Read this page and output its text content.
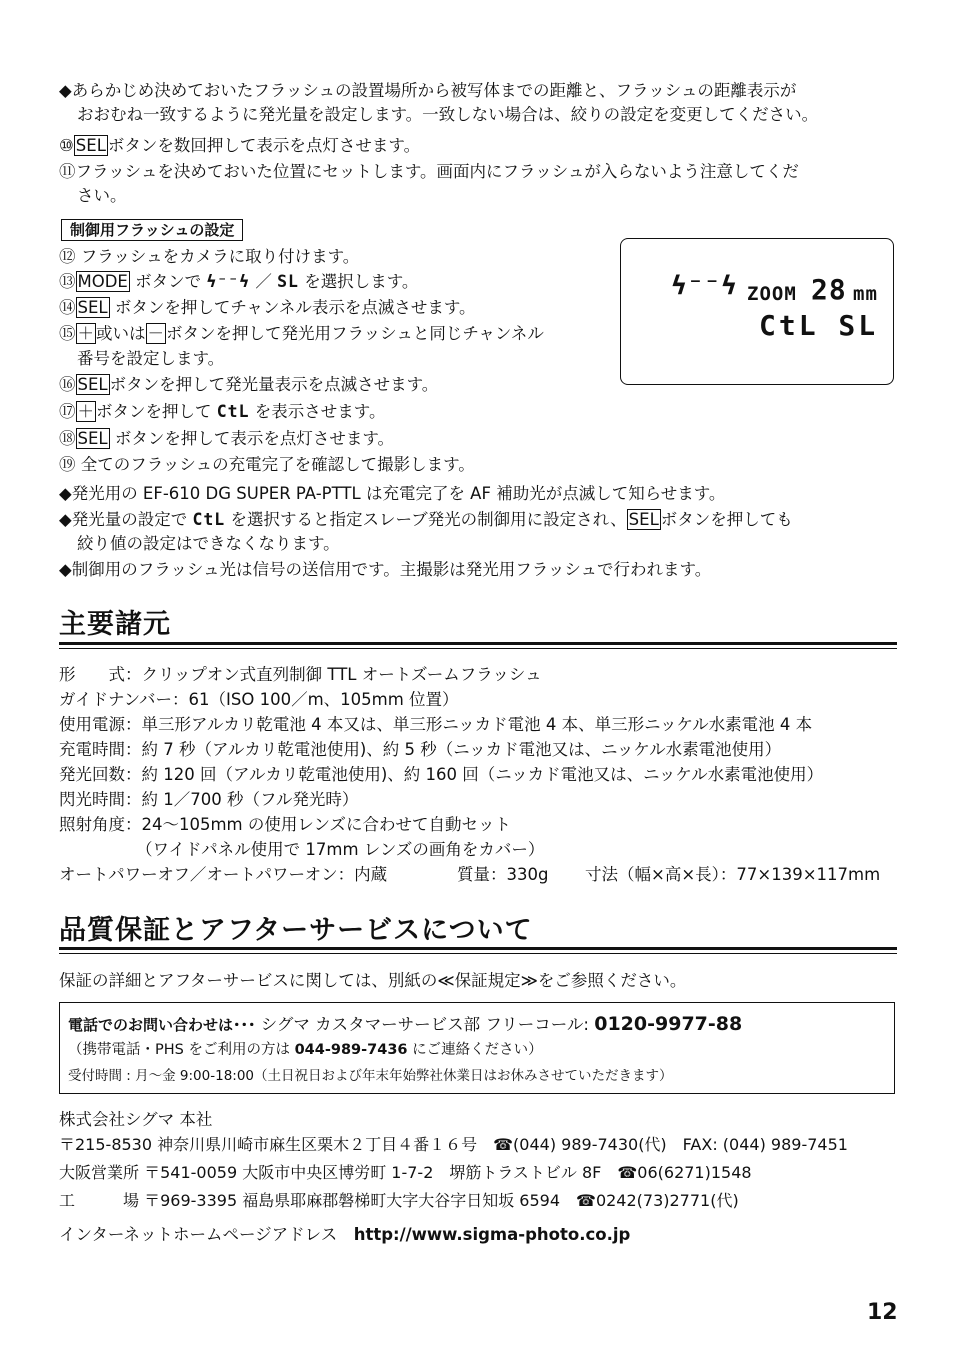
◆あらかじめ決めておいたフラッシュの設置場所から被写体までの距離と、フラッシュの距離表示が
おおむね一致するように発光量を設定します。一致しない場合は、絞りの設定を変更してください。
⑩ SEL ボタンを数回押して表示を点灯させます。
⑪フラッシュを決めておいた位置にセットします。画面内にフラッシュが入らないよう注意してくだ
さい。
制御用フラッシュの設定
⑫ フラッシュをカメラに取り付けます。
⑬ MODE ボタンで ϟ⁻⁻ϟ ／ SL を選択します。
⑭ SEL ボタンを押してチャンネル表示を点滅させます。
⑮ ＋ 或いは － ボタンを押して発光用フラッシュと同じチャンネル
番号を設定します。
⑯ SEL ボタンを押して発光量表示を点滅させます。
⑰ ＋ ボタンを押して CtL を表示させます。
⑱ SEL ボタンを押して表示を点灯させます。
⑲ 全てのフラッシュの充電完了を確認して撮影します。
ϟ⁻⁻ϟ ZOOM 28 mm
CtL SL
◆発光用の EF-610 DG SUPER PA-PTTL は充電完了を AF 補助光が点滅して知らせます。
◆発光量の設定で CtL を選択すると指定スレーブ発光の制御用に設定され、 SEL ボタンを押しても
絞り値の設定はできなくなります。
◆制御用のフラッシュ光は信号の送信用です。主撮影は発光用フラッシュで行われます。
主要諸元
形　　式：クリップオン式直列制御 TTL オートズームフラッシュ
ガイドナンバー：61（ISO 100／m、105mm 位置）
使用電源：単三形アルカリ乾電池 4 本又は、単三形ニッカド電池 4 本、単三形ニッケル水素電池 4 本
充電時間：約 7 秒（アルカリ乾電池使用)、約 5 秒（ニッカド電池又は、ニッケル水素電池使用）
発光回数：約 120 回（アルカリ乾電池使用)、約 160 回（ニッカド電池又は、ニッケル水素電池使用）
閃光時間：約 1／700 秒（フル発光時）
照射角度：24〜105mm の使用レンズに合わせて自動セット
（ワイドパネル使用で 17mm レンズの画角をカバー）
オートパワーオフ／オートパワーオン：内蔵	質量：330g 寸法（幅×高×長）：77×139×117mm
品質保証とアフターサービスについて
保証の詳細とアフターサービスに関しては、別紙の≪保証規定≫をご参照ください。
電話でのお問い合わせは･･･ シグマ カスタマーサービス部 フリーコール: 0120-9977-88
（携帯電話・PHS をご利用の方は 044-989-7436 にご連絡ください）
受付時間 : 月〜金 9:00-18:00（土日祝日および年末年始弊社休業日はお休みさせていただきます）
株式会社シグマ 本社
〒215-8530 神奈川県川崎市麻生区栗木２丁目４番１６号　☎(044) 989-7430(代)　FAX: (044) 989-7451
大阪営業所 〒541-0059 大阪市中央区博労町 1-7-2　堺筋トラストビル 8F　☎06(6271)1548
工　　　場 〒969-3395 福島県耶麻郡磐梯町大字大谷字日知坂 6594　☎0242(73)2771(代)
インターネットホームページアドレス　http://www.sigma-photo.co.jp
12
